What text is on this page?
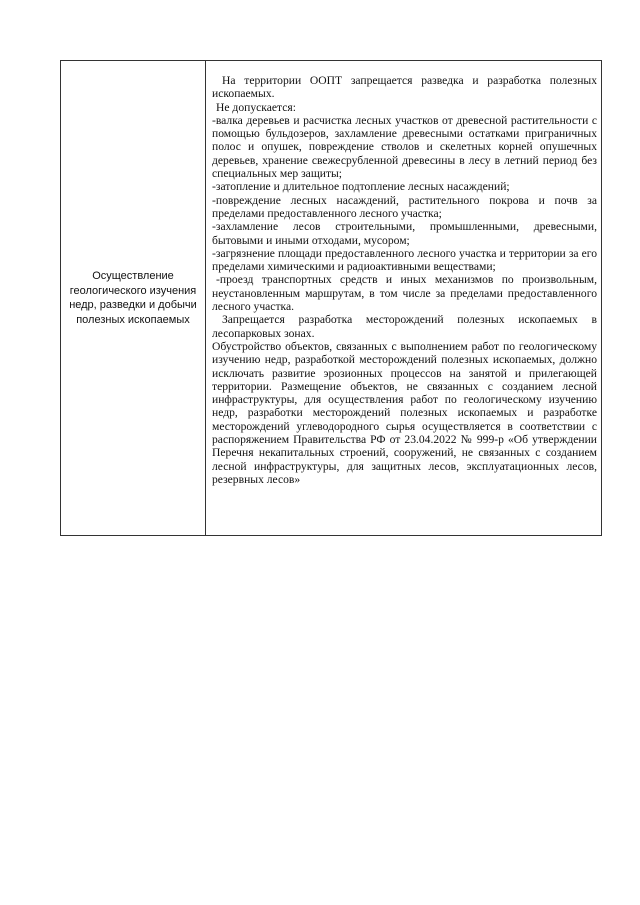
Осуществление геологического изучения недр, разведки и добычи полезных ископаемых

На территории ООПТ запрещается разведка и разработка полезных ископаемых.

Не допускается:

-валка деревьев и расчистка лесных участков от древесной растительности с помощью бульдозеров, захламление древесными остатками приграничных полос и опушек, повреждение стволов и скелетных корней опушечных деревьев, хранение свежесрубленной древесины в лесу в летний период без специальных мер защиты;

-затопление и длительное подтопление лесных насаждений;

-повреждение лесных насаждений, растительного покрова и почв за пределами предоставленного лесного участка;

-захламление лесов строительными, промышленными, древесными, бытовыми и иными отходами, мусором;

-загрязнение площади предоставленного лесного участка и территории за его пределами химическими и радиоактивными веществами;

-проезд транспортных средств и иных механизмов по произвольным, неустановленным маршрутам, в том числе за пределами предоставленного лесного участка.

Запрещается разработка месторождений полезных ископаемых в лесопарковых зонах.

Обустройство объектов, связанных с выполнением работ по геологическому изучению недр, разработкой месторождений полезных ископаемых, должно исключать развитие эрозионных процессов на занятой и прилегающей территории. Размещение объектов, не связанных с созданием лесной инфраструктуры, для осуществления работ по геологическому изучению недр, разработки месторождений полезных ископаемых и разработке месторождений углеводородного сырья осуществляется в соответствии с распоряжением Правительства РФ от 23.04.2022 № 999-р «Об утверждении Перечня некапитальных строений, сооружений, не связанных с созданием лесной инфраструктуры, для защитных лесов, эксплуатационных лесов, резервных лесов»
